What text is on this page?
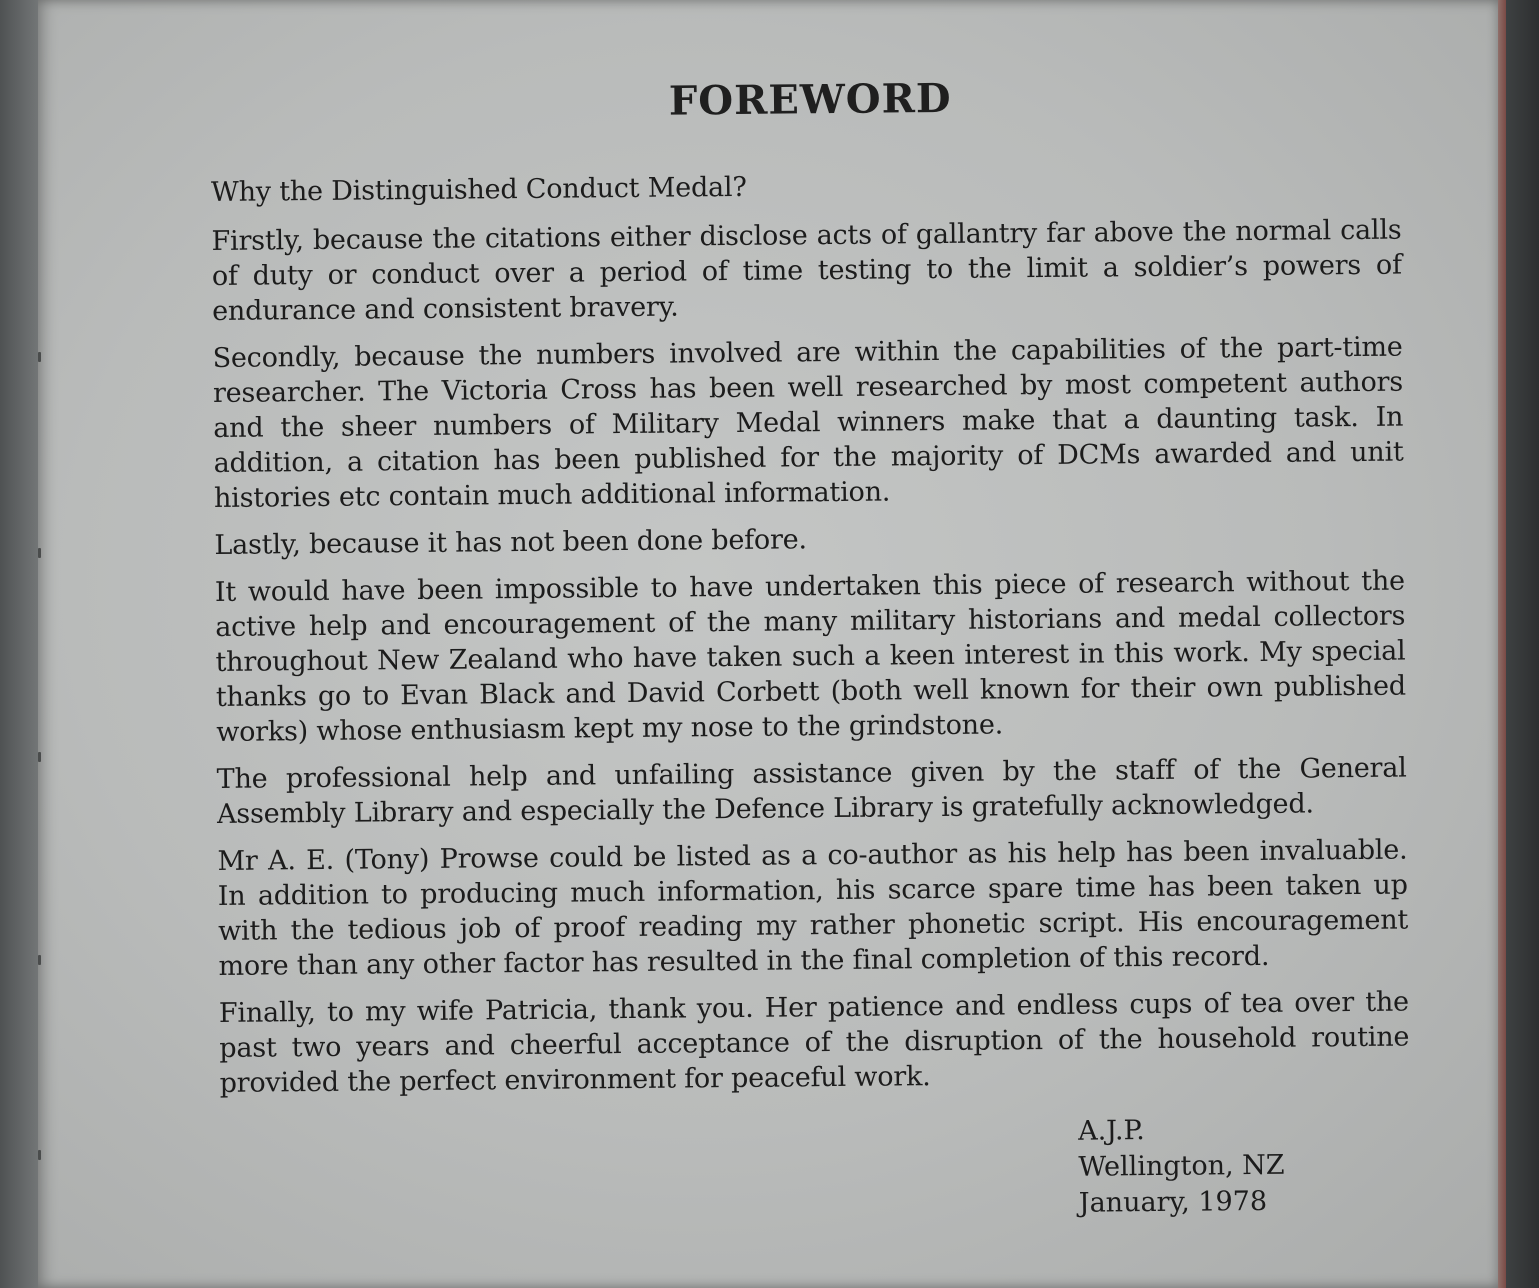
FOREWORD

Why the Distinguished Conduct Medal?

Firstly, because the citations either disclose acts of gallantry far above the normal calls of duty or conduct over a period of time testing to the limit a soldier’s powers of endurance and consistent bravery.

Secondly, because the numbers involved are within the capabilities of the part-time researcher. The Victoria Cross has been well researched by most competent authors and the sheer numbers of Military Medal winners make that a daunting task. In addition, a citation has been published for the majority of DCMs awarded and unit histories etc contain much additional information.

Lastly, because it has not been done before.

It would have been impossible to have undertaken this piece of research without the active help and encouragement of the many military historians and medal collectors throughout New Zealand who have taken such a keen interest in this work. My special thanks go to Evan Black and David Corbett (both well known for their own published works) whose enthusiasm kept my nose to the grindstone.

The professional help and unfailing assistance given by the staff of the General Assembly Library and especially the Defence Library is gratefully acknowledged.

Mr A. E. (Tony) Prowse could be listed as a co-author as his help has been invaluable. In addition to producing much information, his scarce spare time has been taken up with the tedious job of proof reading my rather phonetic script. His encouragement more than any other factor has resulted in the final completion of this record.

Finally, to my wife Patricia, thank you. Her patience and endless cups of tea over the past two years and cheerful acceptance of the disruption of the household routine provided the perfect environment for peaceful work.

A.J.P.
Wellington, NZ
January, 1978
